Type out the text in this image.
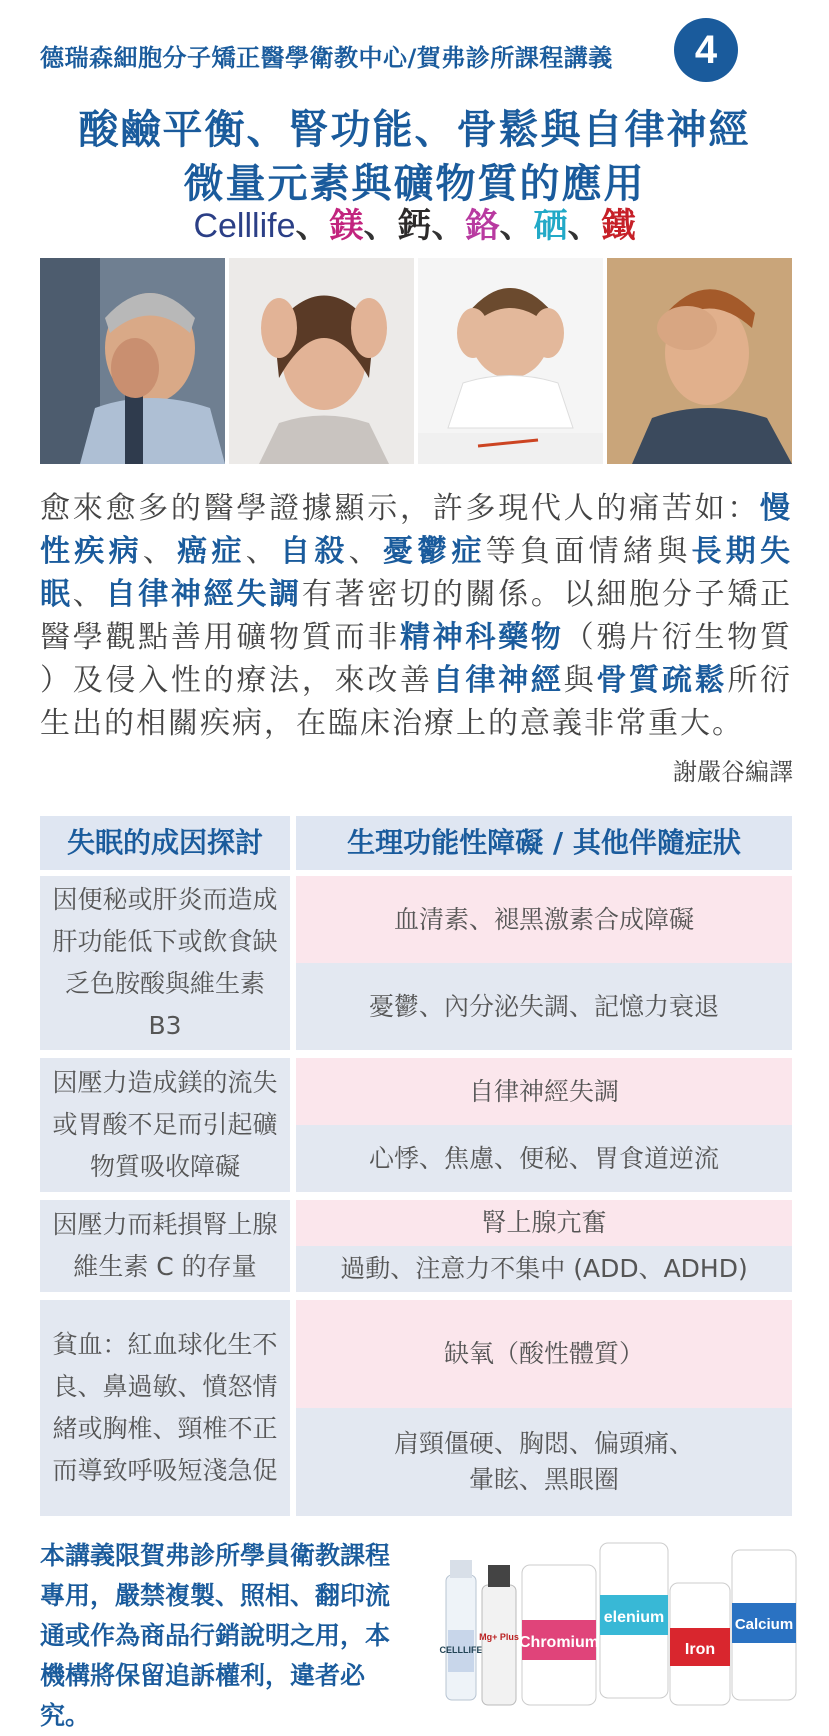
德瑞森細胞分子矯正醫學衛教中心/賀弗診所課程講義	4
酸鹼平衡、腎功能、骨鬆與自律神經
微量元素與礦物質的應用
Celllife、鎂、鈣、鉻、硒、鐵
愈來愈多的醫學證據顯示，許多現代人的痛苦如：慢性疾病、癌症、自殺、憂鬱症等負面情緒與長期失眠、自律神經失調有著密切的關係。以細胞分子矯正醫學觀點善用礦物質而非精神科藥物（鴉片衍生物質 ）及侵入性的療法，來改善自律神經與骨質疏鬆所衍生出的相關疾病，在臨床治療上的意義非常重大。
謝嚴谷編譯
失眠的成因探討	生理功能性障礙 / 其他伴隨症狀
因便秘或肝炎而造成肝功能低下或飲食缺乏色胺酸與維生素 B3
血清素、褪黑激素合成障礙
憂鬱、內分泌失調、記憶力衰退
因壓力造成鎂的流失或胃酸不足而引起礦物質吸收障礙
自律神經失調
心悸、焦慮、便秘、胃食道逆流
因壓力而耗損腎上腺維生素 C 的存量
腎上腺亢奮
過動、注意力不集中 (ADD、ADHD)
貧血：紅血球化生不良、鼻過敏、憤怒情緒或胸椎、頸椎不正而導致呼吸短淺急促
缺氧（酸性體質）
肩頸僵硬、胸悶、偏頭痛、
暈眩、黑眼圈
本講義限賀弗診所學員衛教課程專用，嚴禁複製、照相、翻印流通或作為商品行銷說明之用，本機構將保留追訴權利，違者必究。
CELLLIFE
Mg+ Plus Chromium
elenium
Iron
Calcium
